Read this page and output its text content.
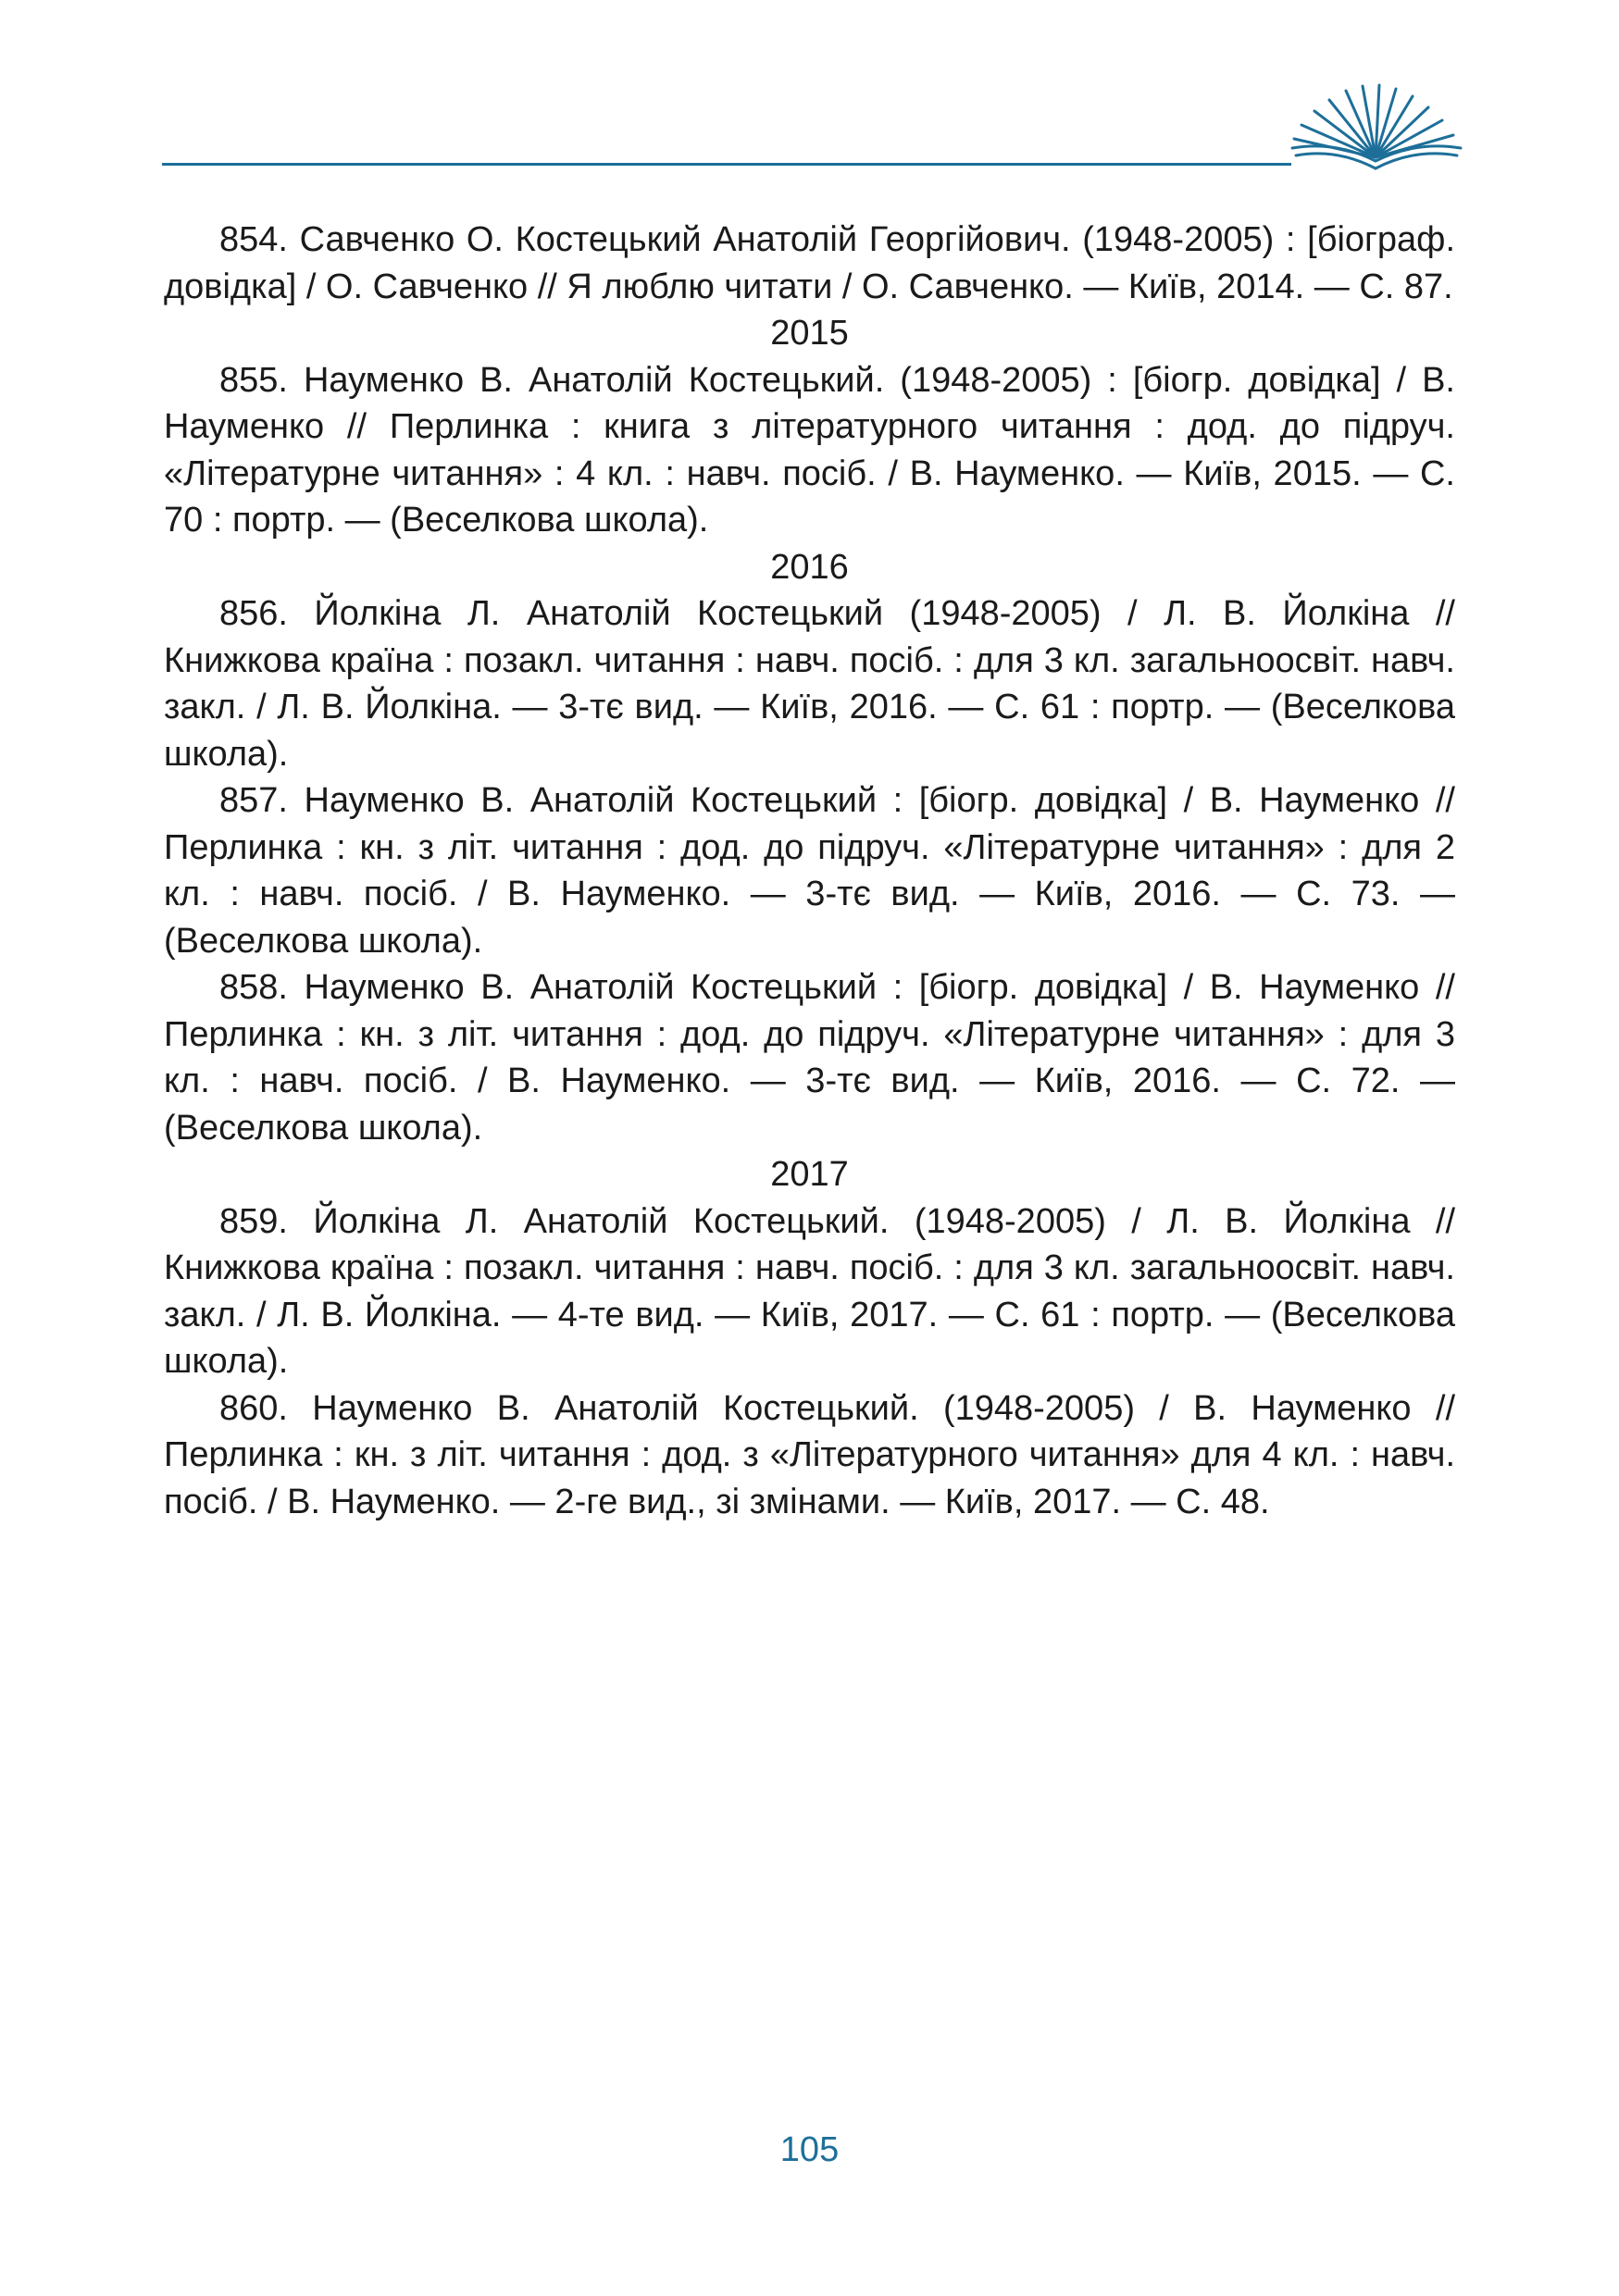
854. Савченко О. Костецький Анатолій Георгійович. (1948-2005) : [біограф. довідка] / О. Савченко // Я люблю читати / О. Савченко. — Київ, 2014. — С. 87.

2015

855. Науменко В. Анатолій Костецький. (1948-2005) : [біогр. довідка] / В. Науменко // Перлинка : книга з літературного читання : дод. до підруч. «Літературне читання» : 4 кл. : навч. посіб. / В. Науменко. — Київ, 2015. — С. 70 : портр. — (Веселкова школа).

2016

856. Йолкіна Л. Анатолій Костецький (1948-2005) / Л. В. Йолкіна // Книжкова країна : позакл. читання : навч. посіб. : для 3 кл. загальноосвіт. навч. закл. / Л. В. Йолкіна. — 3-тє вид. — Київ, 2016. — С. 61 : портр. — (Веселкова школа).

857. Науменко В. Анатолій Костецький : [біогр. довідка] / В. Науменко // Перлинка : кн. з літ. читання : дод. до підруч. «Літературне читання» : для 2 кл. : навч. посіб. / В. Науменко. — 3-тє вид. — Київ, 2016. — С. 73. — (Веселкова школа).

858. Науменко В. Анатолій Костецький : [біогр. довідка] / В. Науменко // Перлинка : кн. з літ. читання : дод. до підруч. «Літературне читання» : для 3 кл. : навч. посіб. / В. Науменко. — 3-тє вид. — Київ, 2016. — С. 72. — (Веселкова школа).

2017

859. Йолкіна Л. Анатолій Костецький. (1948-2005) / Л. В. Йолкіна // Книжкова країна : позакл. читання : навч. посіб. : для 3 кл. загальноосвіт. навч. закл. / Л. В. Йолкіна. — 4-те вид. — Київ, 2017. — С. 61 : портр. — (Веселкова школа).

860. Науменко В. Анатолій Костецький. (1948-2005) / В. Науменко // Перлинка : кн. з літ. читання : дод. з «Літературного читання» для 4 кл. : навч. посіб. / В. Науменко. — 2-ге вид., зі змінами. — Київ, 2017. — С. 48.

105
